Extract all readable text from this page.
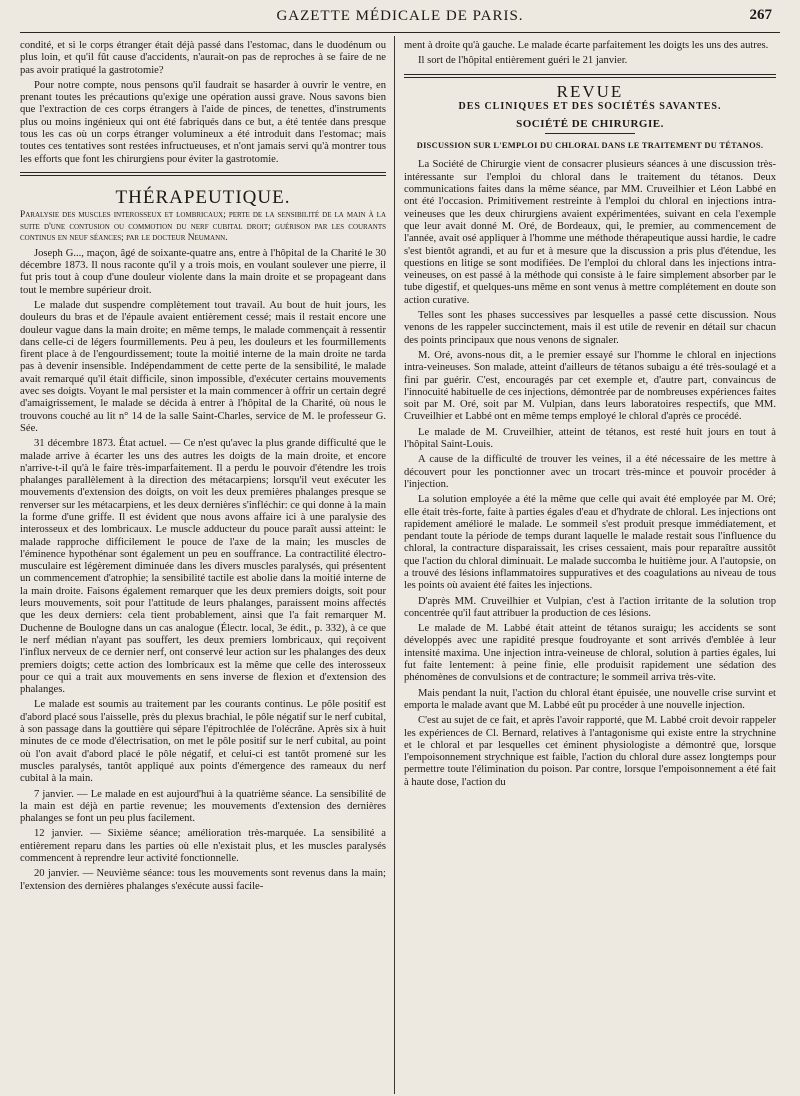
GAZETTE MÉDICALE DE PARIS.	267

condité, et si le corps étranger était déjà passé dans l'estomac, dans le duodénum ou plus loin, et qu'il fût cause d'accidents, n'aurait-on pas de reproches à se faire de ne pas avoir pratiqué la gastrotomie?

Pour notre compte, nous pensons qu'il faudrait se hasarder à ouvrir le ventre, en prenant toutes les précautions qu'exige une opération aussi grave. Nous savons bien que l'extraction de ces corps étrangers à l'aide de pinces, de tenettes, d'instruments plus ou moins ingénieux qui ont été fabriqués dans ce but, a été tentée dans presque tous les cas où un corps étranger volumineux a été introduit dans l'estomac; mais toutes ces tentatives sont restées infructueuses, et n'ont jamais servi qu'à montrer tous les efforts que font les chirurgiens pour éviter la gastrotomie.

THÉRAPEUTIQUE.

Paralysie des muscles interosseux et lombricaux; perte de la sensibilité de la main à la suite d'une contusion ou commotion du nerf cubital droit; guérison par les courants continus en neuf séances; par le docteur Neumann.

Joseph G..., maçon, âgé de soixante-quatre ans, entre à l'hôpital de la Charité le 30 décembre 1873. Il nous raconte qu'il y a trois mois, en voulant soulever une pierre, il fut pris tout à coup d'une douleur violente dans la main droite et se propageant dans tout le membre supérieur droit.

Le malade dut suspendre complètement tout travail. Au bout de huit jours, les douleurs du bras et de l'épaule avaient entièrement cessé; mais il restait encore une douleur vague dans la main droite; en même temps, le malade commençait à ressentir dans celle-ci de légers fourmillements. Peu à peu, les douleurs et les fourmillements firent place à de l'engourdissement; toute la moitié interne de la main droite ne tarda pas à devenir insensible. Indépendamment de cette perte de la sensibilité, le malade avait remarqué qu'il était difficile, sinon impossible, d'exécuter certains mouvements avec ses doigts. Voyant le mal persister et la main commencer à offrir un certain degré d'amaigrissement, le malade se décida à entrer à l'hôpital de la Charité, où nous le trouvons couché au lit n° 14 de la salle Saint-Charles, service de M. le professeur G. Sée.

31 décembre 1873. État actuel. — Ce n'est qu'avec la plus grande difficulté que le malade arrive à écarter les uns des autres les doigts de la main droite, et encore n'arrive-t-il qu'à le faire très-imparfaitement. Il a perdu le pouvoir d'étendre les trois phalanges parallèlement à la direction des métacarpiens; lorsqu'il veut exécuter les mouvements d'extension des doigts, on voit les deux premières phalanges presque se renverser sur les métacarpiens, et les deux dernières s'infléchir: ce qui donne à la main la forme d'une griffe. Il est évident que nous avons affaire ici à une paralysie des interosseux et des lombricaux. Le muscle adducteur du pouce paraît aussi atteint: le malade rapproche difficilement le pouce de l'axe de la main; les muscles de l'éminence hypothénar sont également un peu en souffrance. La contractilité électro-musculaire est légèrement diminuée dans les divers muscles paralysés, qui présentent un commencement d'atrophie; la sensibilité tactile est abolie dans la moitié interne de la main droite. Faisons également remarquer que les deux premiers doigts, soit pour leurs mouvements, soit pour l'attitude de leurs phalanges, paraissent moins affectés que les deux derniers: cela tient probablement, ainsi que l'a fait remarquer M. Duchenne de Boulogne dans un cas analogue (Électr. local, 3e édit., p. 332), à ce que le nerf médian n'ayant pas souffert, les deux premiers lombricaux, qui reçoivent l'influx nerveux de ce dernier nerf, ont conservé leur action sur les phalanges des deux premiers doigts; cette action des lombricaux est la même que celle des interosseux pour ce qui a trait aux mouvements en sens inverse de flexion et d'extension des phalanges.

Le malade est soumis au traitement par les courants continus. Le pôle positif est d'abord placé sous l'aisselle, près du plexus brachial, le pôle négatif sur le nerf cubital, à son passage dans la gouttière qui sépare l'épitrochlée de l'olécrâne. Après six à huit minutes de ce mode d'électrisation, on met le pôle positif sur le nerf cubital, au point où l'on avait d'abord placé le pôle négatif, et celui-ci est tantôt promené sur les muscles paralysés, tantôt appliqué aux points d'émergence des rameaux du nerf cubital à la main.

7 janvier. — Le malade en est aujourd'hui à la quatrième séance. La sensibilité de la main est déjà en partie revenue; les mouvements d'extension des dernières phalanges se font un peu plus facilement.

12 janvier. — Sixième séance; amélioration très-marquée. La sensibilité a entièrement reparu dans les parties où elle n'existait plus, et les muscles paralysés commencent à reprendre leur activité fonctionnelle.

20 janvier. — Neuvième séance: tous les mouvements sont revenus dans la main; l'extension des dernières phalanges s'exécute aussi facile-

ment à droite qu'à gauche. Le malade écarte parfaitement les doigts les uns des autres.

Il sort de l'hôpital entièrement guéri le 21 janvier.

REVUE
DES CLINIQUES ET DES SOCIÉTÉS SAVANTES.
SOCIÉTÉ DE CHIRURGIE.
DISCUSSION SUR L'EMPLOI DU CHLORAL DANS LE TRAITEMENT DU TÉTANOS.

La Société de Chirurgie vient de consacrer plusieurs séances à une discussion très-intéressante sur l'emploi du chloral dans le traitement du tétanos. Deux communications faites dans la même séance, par MM. Cruveilhier et Léon Labbé en ont été l'occasion. Primitivement restreinte à l'emploi du chloral en injections intra-veineuses que les deux chirurgiens avaient expérimentées, suivant en cela l'exemple que leur avait donné M. Oré, de Bordeaux, qui, le premier, au commencement de l'année, avait osé appliquer à l'homme une méthode thérapeutique aussi hardie, le cadre s'est bientôt agrandi, et au fur et à mesure que la discussion a pris plus d'étendue, les questions en litige se sont modifiées. De l'emploi du chloral dans les injections intra-veineuses, on est passé à la méthode qui consiste à le faire simplement absorber par le tube digestif, et quelques-uns même en sont venus à mettre complétement en doute son action curative.

Telles sont les phases successives par lesquelles a passé cette discussion. Nous venons de les rappeler succinctement, mais il est utile de revenir en détail sur chacun des points principaux que nous venons de signaler.

M. Oré, avons-nous dit, a le premier essayé sur l'homme le chloral en injections intra-veineuses. Son malade, atteint d'ailleurs de tétanos subaigu a été très-soulagé et a fini par guérir. C'est, encouragés par cet exemple et, d'autre part, convaincus de l'innocuité habituelle de ces injections, démontrée par de nombreuses expériences faites soit par M. Oré, soit par M. Vulpian, dans leurs laboratoires respectifs, que MM. Cruveilhier et Labbé ont en même temps employé le chloral d'après ce procédé.

Le malade de M. Cruveilhier, atteint de tétanos, est resté huit jours en tout à l'hôpital Saint-Louis.

A cause de la difficulté de trouver les veines, il a été nécessaire de les mettre à découvert pour les ponctionner avec un trocart très-mince et pouvoir procéder à l'injection.

La solution employée a été la même que celle qui avait été employée par M. Oré; elle était très-forte, faite à parties égales d'eau et d'hydrate de chloral. Les injections ont rapidement amélioré le malade. Le sommeil s'est produit presque immédiatement, et pendant toute la période de temps durant laquelle le malade restait sous l'influence du chloral, la contracture disparaissait, les crises cessaient, mais pour reparaître aussitôt que l'action du chloral diminuait. Le malade succomba le huitième jour. A l'autopsie, on a trouvé des lésions inflammatoires suppuratives et des coagulations au niveau de tous les points où avaient été faites les injections.

D'après MM. Cruveilhier et Vulpian, c'est à l'action irritante de la solution trop concentrée qu'il faut attribuer la production de ces lésions.

Le malade de M. Labbé était atteint de tétanos suraigu; les accidents se sont développés avec une rapidité presque foudroyante et sont arrivés d'emblée à leur intensité maxima. Une injection intra-veineuse de chloral, solution à parties égales, lui fut faite lentement: à peine finie, elle produisit rapidement une sédation des phénomènes de convulsions et de contracture; le sommeil arriva très-vite.

Mais pendant la nuit, l'action du chloral étant épuisée, une nouvelle crise survint et emporta le malade avant que M. Labbé eût pu procéder à une nouvelle injection.

C'est au sujet de ce fait, et après l'avoir rapporté, que M. Labbé croit devoir rappeler les expériences de Cl. Bernard, relatives à l'antagonisme qui existe entre la strychnine et le chloral et par lesquelles cet éminent physiologiste a démontré que, lorsque l'empoisonnement strychnique est faible, l'action du chloral dure assez longtemps pour permettre toute l'élimination du poison. Par contre, lorsque l'empoisonnement a été fait à haute dose, l'action du
